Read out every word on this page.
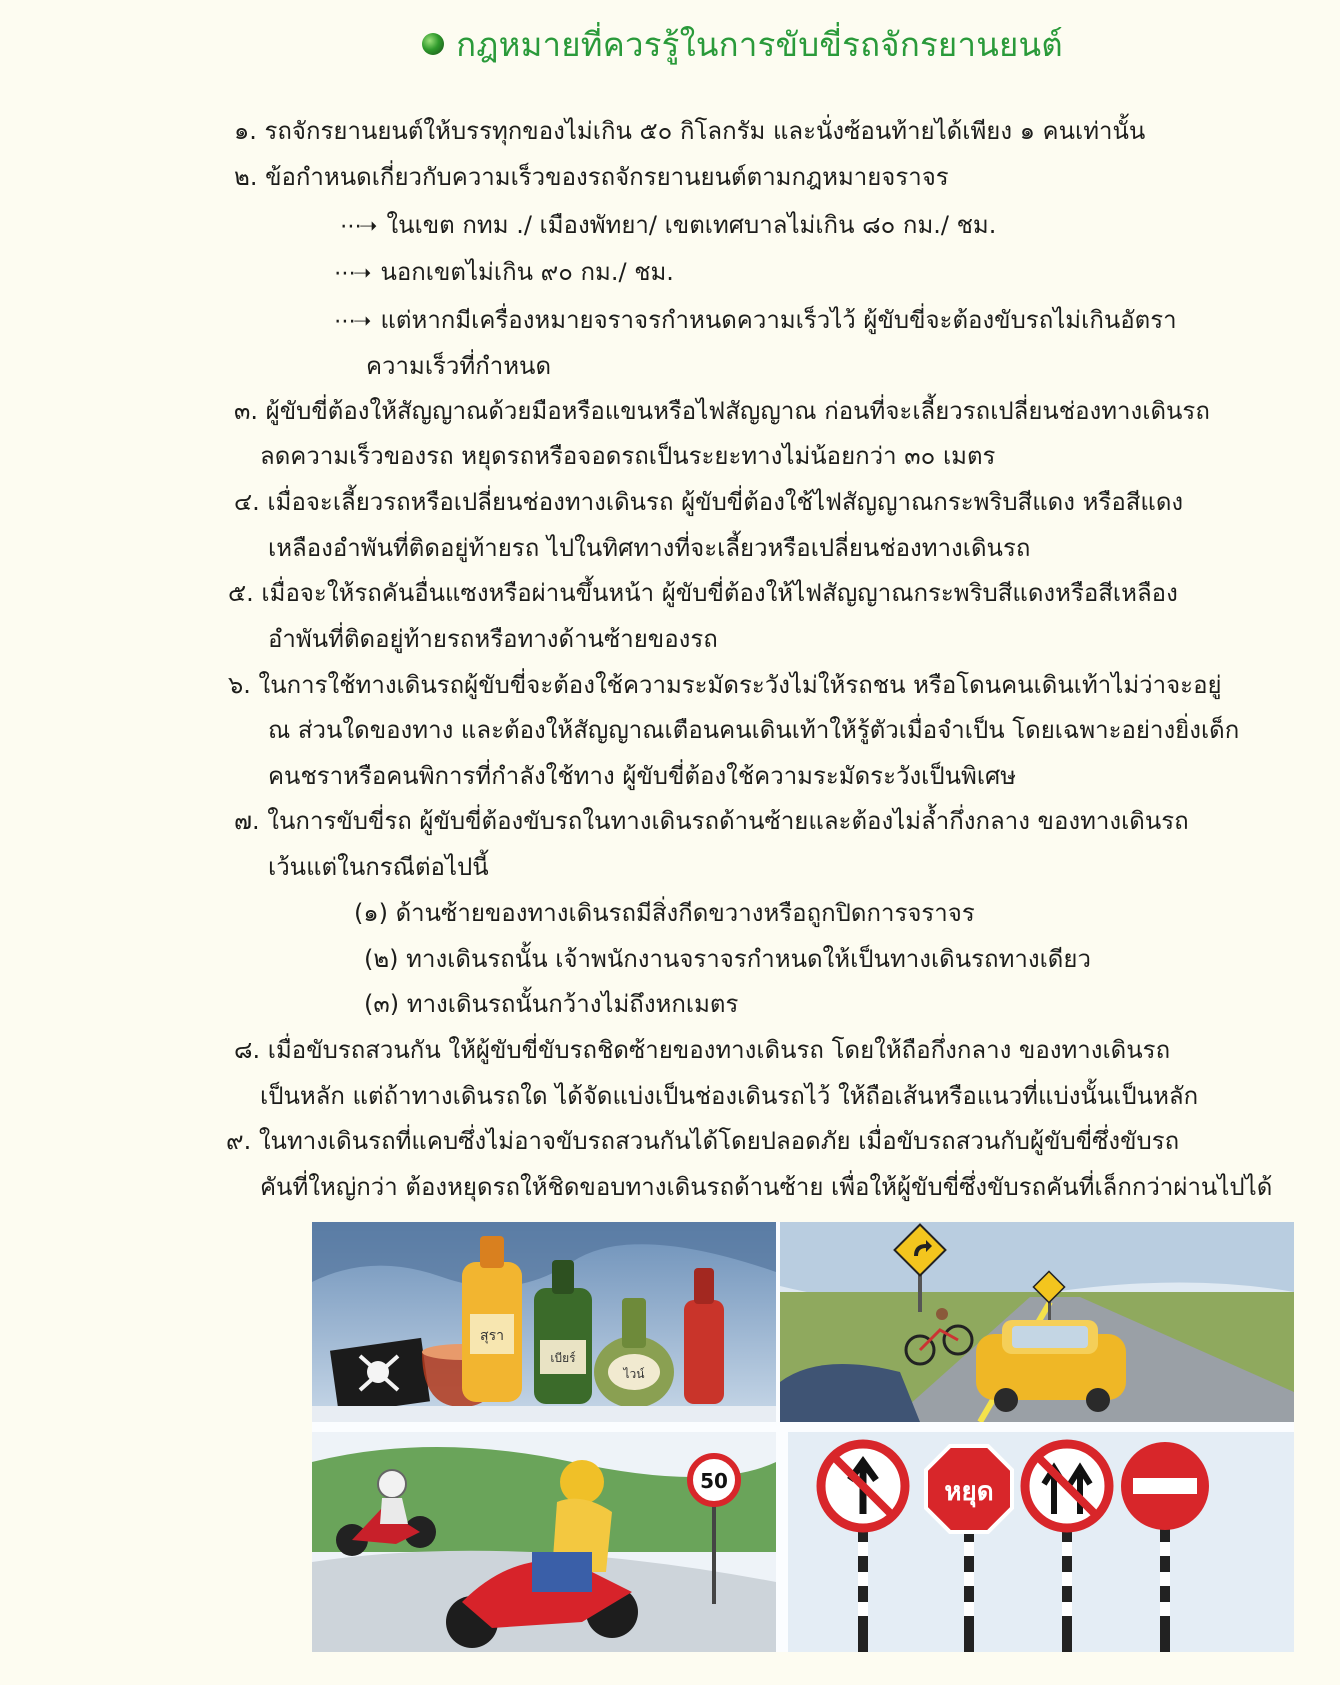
กฎหมายที่ควรรู้ในการขับขี่รถจักรยานยนต์
๑. รถจักรยานยนต์ให้บรรทุกของไม่เกิน ๕๐ กิโลกรัม และนั่งซ้อนท้ายได้เพียง ๑ คนเท่านั้น
๒. ข้อกำหนดเกี่ยวกับความเร็วของรถจักรยานยนต์ตามกฎหมายจราจร
⋯➝ ในเขต กทม ./ เมืองพัทยา/ เขตเทศบาลไม่เกิน ๘๐ กม./ ชม.
⋯➝ นอกเขตไม่เกิน ๙๐ กม./ ชม.
⋯➝ แต่หากมีเครื่องหมายจราจรกำหนดความเร็วไว้ ผู้ขับขี่จะต้องขับรถไม่เกินอัตรา
ความเร็วที่กำหนด
๓. ผู้ขับขี่ต้องให้สัญญาณด้วยมือหรือแขนหรือไฟสัญญาณ ก่อนที่จะเลี้ยวรถเปลี่ยนช่องทางเดินรถ
ลดความเร็วของรถ หยุดรถหรือจอดรถเป็นระยะทางไม่น้อยกว่า ๓๐ เมตร
๔. เมื่อจะเลี้ยวรถหรือเปลี่ยนช่องทางเดินรถ ผู้ขับขี่ต้องใช้ไฟสัญญาณกระพริบสีแดง หรือสีแดง
เหลืองอำพันที่ติดอยู่ท้ายรถ ไปในทิศทางที่จะเลี้ยวหรือเปลี่ยนช่องทางเดินรถ
๕. เมื่อจะให้รถคันอื่นแซงหรือผ่านขึ้นหน้า ผู้ขับขี่ต้องให้ไฟสัญญาณกระพริบสีแดงหรือสีเหลือง
อำพันที่ติดอยู่ท้ายรถหรือทางด้านซ้ายของรถ
๖. ในการใช้ทางเดินรถผู้ขับขี่จะต้องใช้ความระมัดระวังไม่ให้รถชน หรือโดนคนเดินเท้าไม่ว่าจะอยู่
ณ ส่วนใดของทาง และต้องให้สัญญาณเตือนคนเดินเท้าให้รู้ตัวเมื่อจำเป็น โดยเฉพาะอย่างยิ่งเด็ก
คนชราหรือคนพิการที่กำลังใช้ทาง ผู้ขับขี่ต้องใช้ความระมัดระวังเป็นพิเศษ
๗. ในการขับขี่รถ ผู้ขับขี่ต้องขับรถในทางเดินรถด้านซ้ายและต้องไม่ล้ำกึ่งกลาง ของทางเดินรถ
เว้นแต่ในกรณีต่อไปนี้
(๑) ด้านซ้ายของทางเดินรถมีสิ่งกีดขวางหรือถูกปิดการจราจร
(๒) ทางเดินรถนั้น เจ้าพนักงานจราจรกำหนดให้เป็นทางเดินรถทางเดียว
(๓) ทางเดินรถนั้นกว้างไม่ถึงหกเมตร
๘. เมื่อขับรถสวนกัน ให้ผู้ขับขี่ขับรถชิดซ้ายของทางเดินรถ โดยให้ถือกึ่งกลาง ของทางเดินรถ
เป็นหลัก แต่ถ้าทางเดินรถใด ได้จัดแบ่งเป็นช่องเดินรถไว้ ให้ถือเส้นหรือแนวที่แบ่งนั้นเป็นหลัก
๙. ในทางเดินรถที่แคบซึ่งไม่อาจขับรถสวนกันได้โดยปลอดภัย เมื่อขับรถสวนกับผู้ขับขี่ซึ่งขับรถ
คันที่ใหญ่กว่า ต้องหยุดรถให้ชิดขอบทางเดินรถด้านซ้าย เพื่อให้ผู้ขับขี่ซึ่งขับรถคันที่เล็กกว่าผ่านไปได้
สุรา
เบียร์
ไวน์
50	หยุด
